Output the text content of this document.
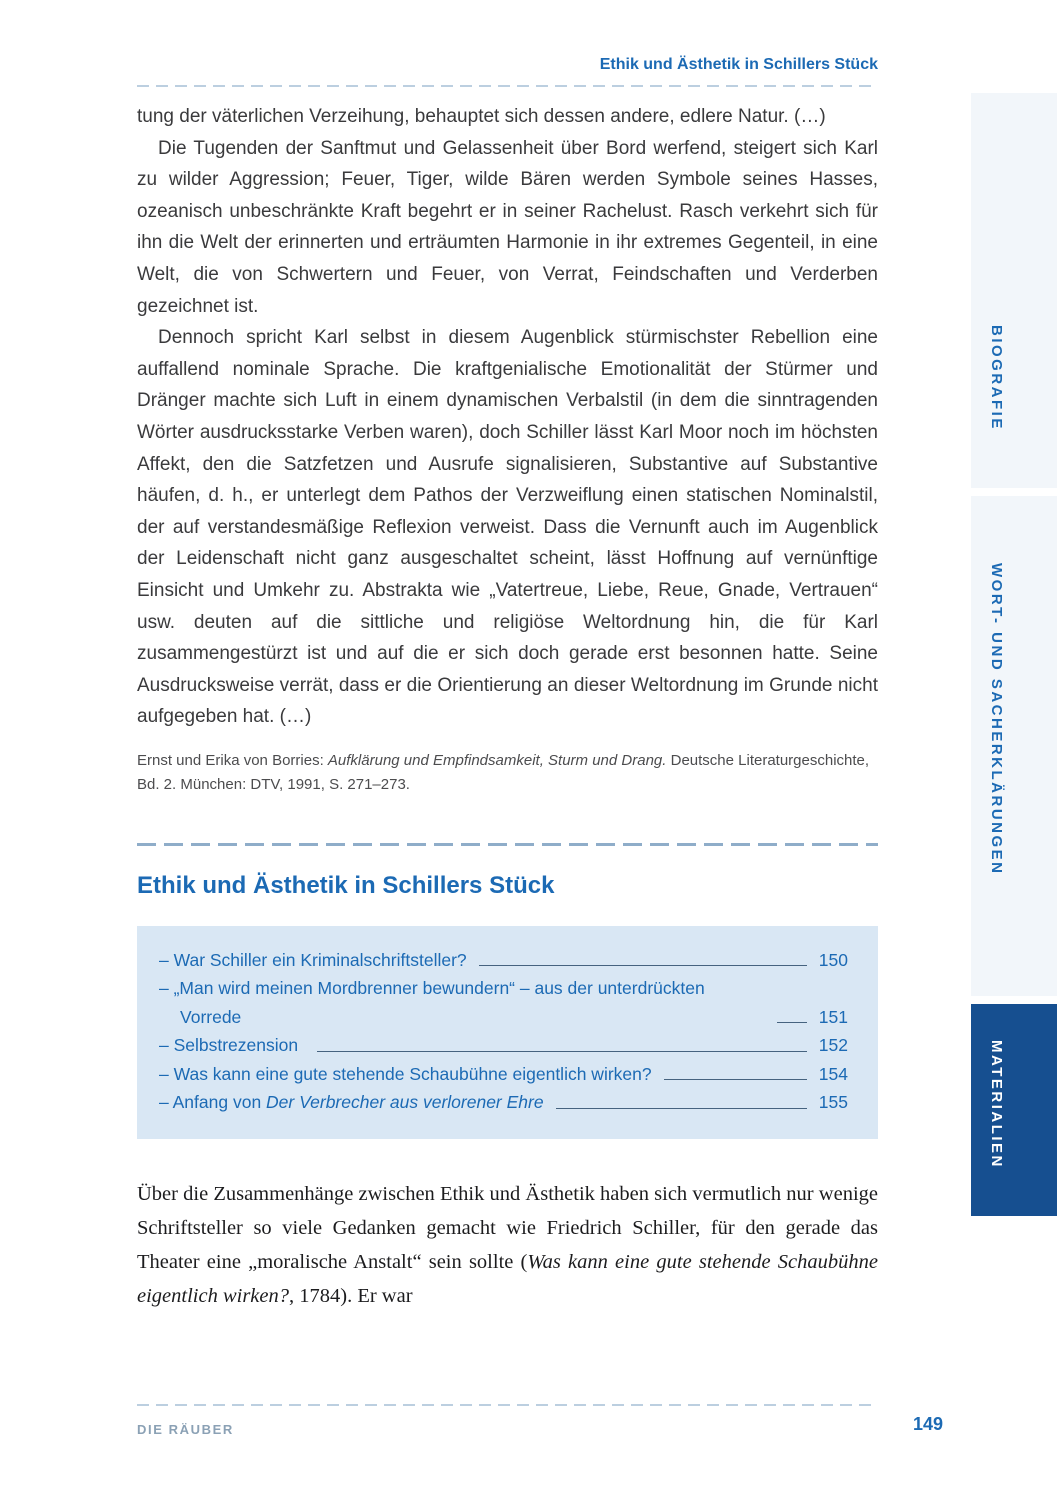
BIOGRAFIE
WORT- UND SACHERKLÄRUNGEN
MATERIALIEN
Ethik und Ästhetik in Schillers Stück

tung der väterlichen Verzeihung, behauptet sich dessen andere, edlere Natur. (…)

Die Tugenden der Sanftmut und Gelassenheit über Bord werfend, steigert sich Karl zu wilder Aggression; Feuer, Tiger, wilde Bären werden Symbole seines Hasses, ozeanisch unbeschränkte Kraft begehrt er in seiner Rachelust. Rasch verkehrt sich für ihn die Welt der erinnerten und erträumten Harmonie in ihr extremes Gegenteil, in eine Welt, die von Schwertern und Feuer, von Verrat, Feindschaften und Verderben gezeichnet ist.

Dennoch spricht Karl selbst in diesem Augenblick stürmischster Rebellion eine auffallend nominale Sprache. Die kraftgenialische Emotionalität der Stürmer und Dränger machte sich Luft in einem dynamischen Verbalstil (in dem die sinntragenden Wörter ausdrucksstarke Verben waren), doch Schiller lässt Karl Moor noch im höchsten Affekt, den die Satzfetzen und Ausrufe signalisieren, Substantive auf Substantive häufen, d. h., er unterlegt dem Pathos der Verzweiflung einen statischen Nominalstil, der auf verstandesmäßige Reflexion verweist. Dass die Vernunft auch im Augenblick der Leidenschaft nicht ganz ausgeschaltet scheint, lässt Hoffnung auf vernünftige Einsicht und Umkehr zu. Abstrakta wie „Vatertreue, Liebe, Reue, Gnade, Vertrauen“ usw. deuten auf die sittliche und religiöse Weltordnung hin, die für Karl zusammengestürzt ist und auf die er sich doch gerade erst besonnen hatte. Seine Ausdrucksweise verrät, dass er die Orientierung an dieser Weltordnung im Grunde nicht aufgegeben hat. (…)

Ernst und Erika von Borries: Aufklärung und Empfindsamkeit, Sturm und Drang. Deutsche Literaturgeschichte, Bd. 2. München: DTV, 1991, S. 271–273.
Ethik und Ästhetik in Schillers Stück
– War Schiller ein Kriminalschriftsteller?	150
– „Man wird meinen Mordbrenner bewundern“ – aus der unterdrückten Vorrede	151
– Selbstrezension	152
– Was kann eine gute stehende Schaubühne eigentlich wirken?	154
– Anfang von Der Verbrecher aus verlorener Ehre	155
Über die Zusammenhänge zwischen Ethik und Ästhetik haben sich vermutlich nur wenige Schriftsteller so viele Gedanken gemacht wie Friedrich Schiller, für den gerade das Theater eine „moralische Anstalt“ sein sollte (Was kann eine gute stehende Schaubühne eigentlich wirken?, 1784). Er war
DIE RÄUBER	149
